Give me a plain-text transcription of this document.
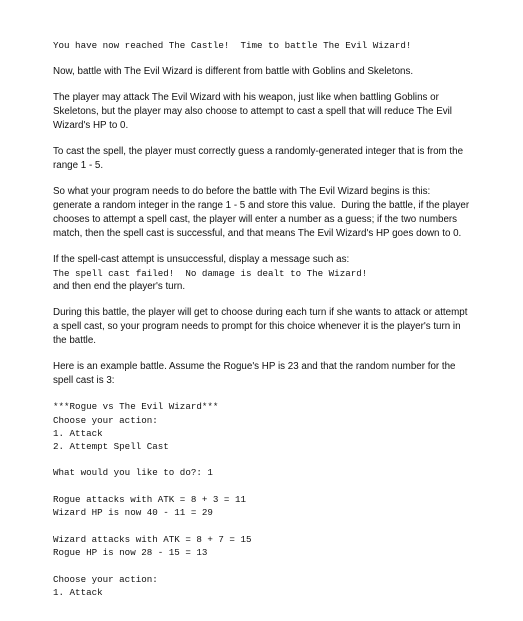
You have now reached The Castle!  Time to battle The Evil Wizard!
Now, battle with The Evil Wizard is different from battle with Goblins and Skeletons.
The player may attack The Evil Wizard with his weapon, just like when battling Goblins or
Skeletons, but the player may also choose to attempt to cast a spell that will reduce The Evil
Wizard's HP to 0.
To cast the spell, the player must correctly guess a randomly-generated integer that is from the
range 1 - 5.
So what your program needs to do before the battle with The Evil Wizard begins is this:
generate a random integer in the range 1 - 5 and store this value.  During the battle, if the player
chooses to attempt a spell cast, the player will enter a number as a guess; if the two numbers
match, then the spell cast is successful, and that means The Evil Wizard's HP goes down to 0.
If the spell-cast attempt is unsuccessful, display a message such as:
The spell cast failed!  No damage is dealt to The Wizard!
and then end the player's turn.
During this battle, the player will get to choose during each turn if she wants to attack or attempt
a spell cast, so your program needs to prompt for this choice whenever it is the player's turn in
the battle.
Here is an example battle. Assume the Rogue's HP is 23 and that the random number for the
spell cast is 3:
***Rogue vs The Evil Wizard***
Choose your action:
1. Attack
2. Attempt Spell Cast
What would you like to do?: 1
Rogue attacks with ATK = 8 + 3 = 11
Wizard HP is now 40 - 11 = 29
Wizard attacks with ATK = 8 + 7 = 15
Rogue HP is now 28 - 15 = 13
Choose your action:
1. Attack
